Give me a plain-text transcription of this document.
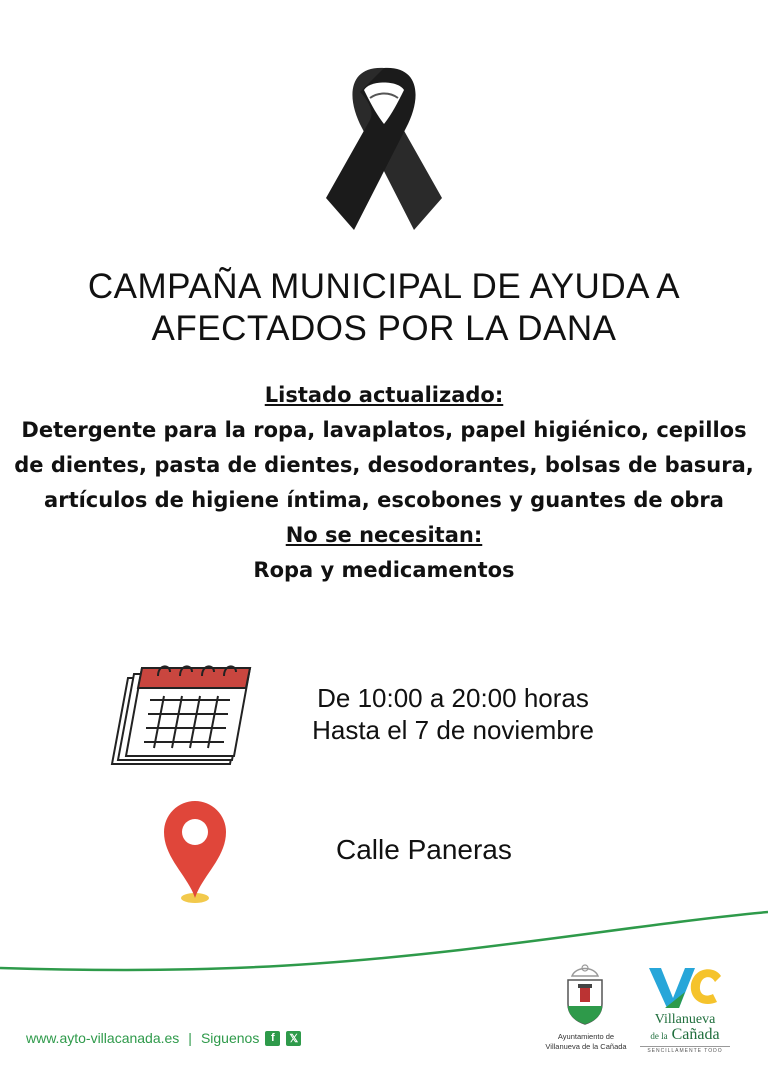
CAMPAÑA MUNICIPAL DE AYUDA A
AFECTADOS POR LA DANA
Listado actualizado:
Detergente para la ropa, lavaplatos, papel higiénico, cepillos de dientes, pasta de dientes, desodorantes, bolsas de basura, artículos de higiene íntima, escobones y guantes de obra
No se necesitan:
Ropa y medicamentos
De 10:00 a 20:00 horas
Hasta el 7 de noviembre
Calle Paneras
www.ayto-villacanada.es | Siguenos	f	𝕏	Ayuntamiento de
Villanueva de la Cañada
Villanueva
de la Cañada
SENCILLAMENTE TODO
